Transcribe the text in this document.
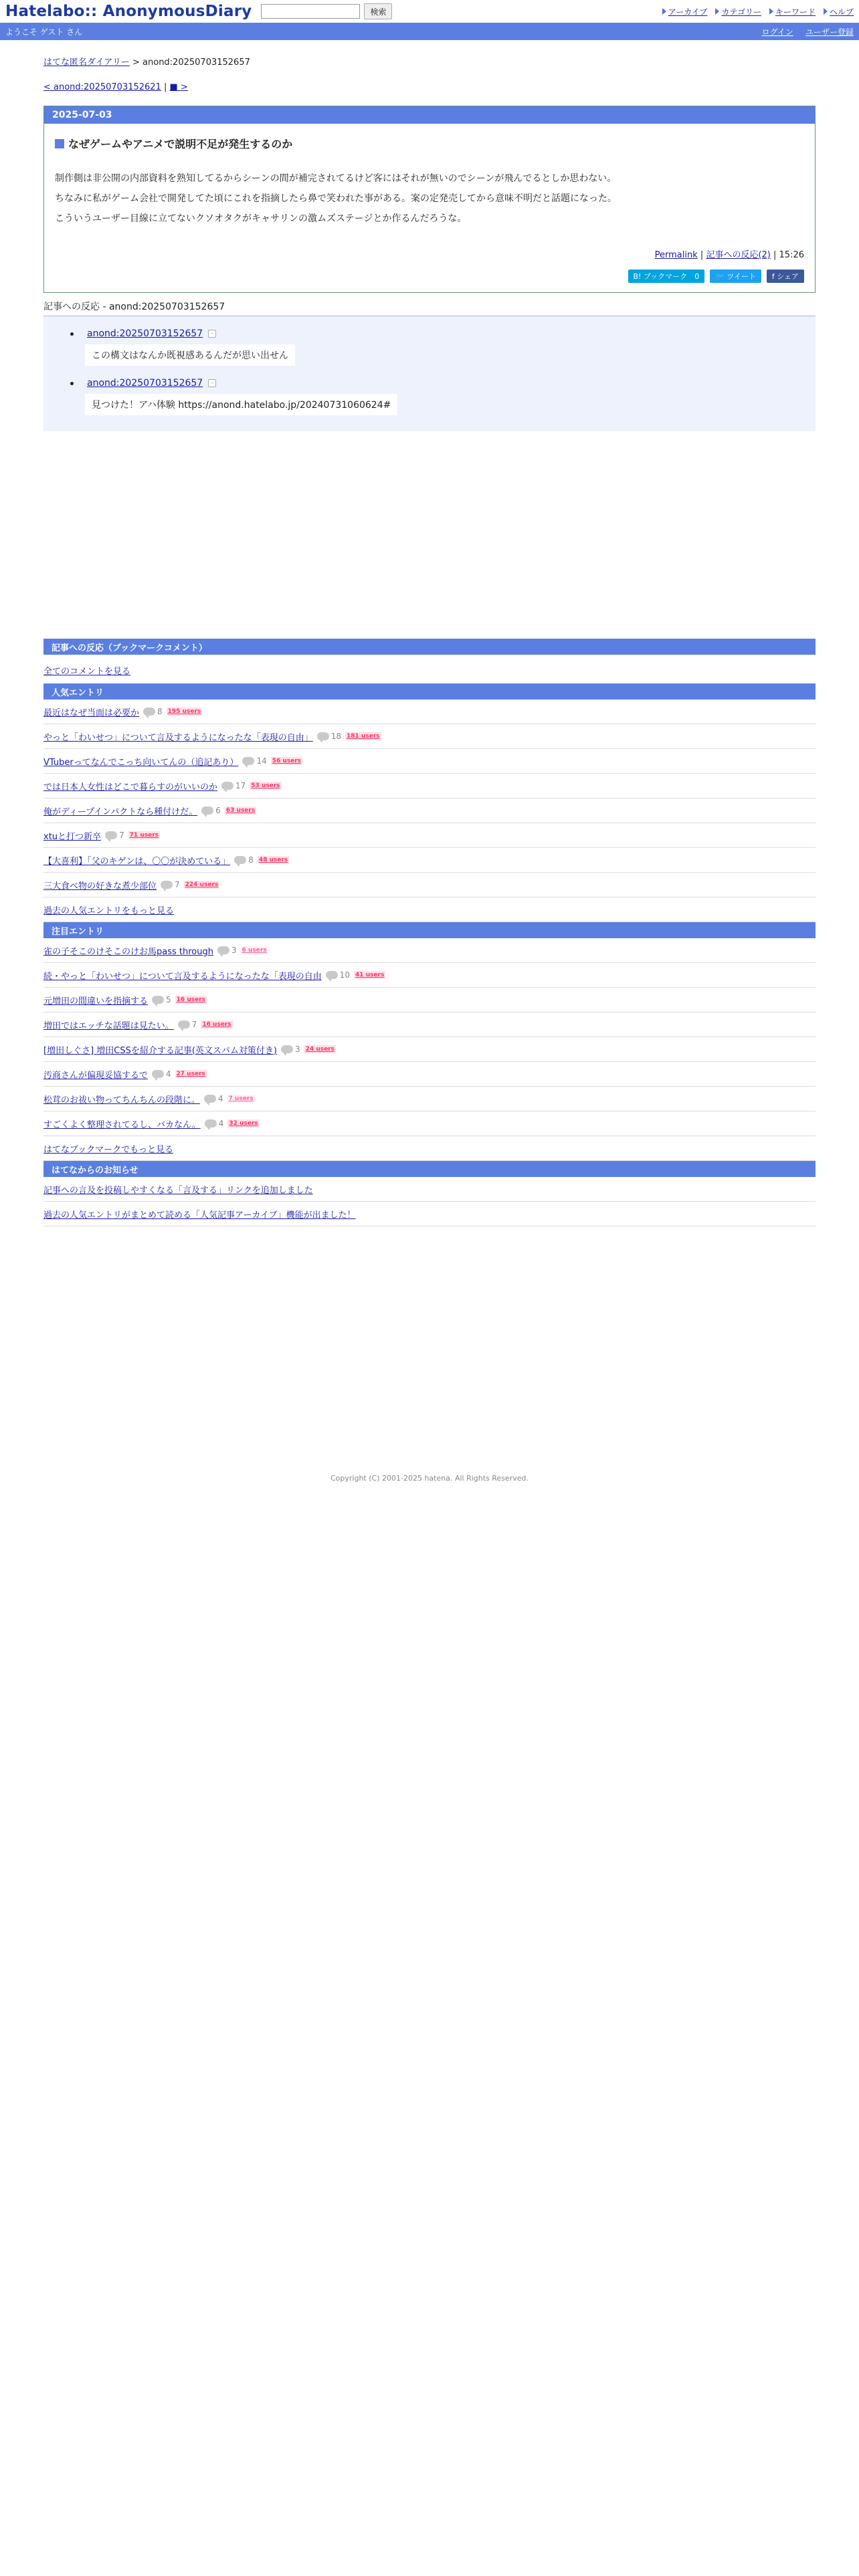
Hatelabo:: AnonymousDiary	検索	アーカイブ カテゴリー キーワード ヘルプ
ようこそ ゲスト さん	ログイン ユーザー登録
はてな匿名ダイアリー > anond:20250703152657
< anond:20250703152621 | ■ >
2025-07-03
なぜゲームやアニメで説明不足が発生するのか
制作側は非公開の内部資料を熟知してるからシーンの間が補完されてるけど客にはそれが無いのでシーンが飛んでるとしか思わない。
ちなみに私がゲーム会社で開発してた頃にこれを指摘したら鼻で笑われた事がある。案の定発売してから意味不明だと話題になった。
こういうユーザー目線に立てないクソオタクがキャサリンの激ムズステージとか作るんだろうな。
Permalink | 記事への反応(2) | 15:26
B! ブックマーク　0	🐦 ツイート f シェア
記事への反応 - anond:20250703152657
anond:20250703152657	-
この構文はなんか既視感あるんだが思い出せん
anond:20250703152657	-
見つけた！アハ体験 https://anond.hatelabo.jp/20240731060624#
記事への反応（ブックマークコメント）
全てのコメントを見る
人気エントリ
最近はなぜ当面は必要か 8 195 users
やっと「わいせつ」について言及するようになったな「表現の自由」 18 181 users
VTuberってなんでこっち向いてんの（追記あり） 14 56 users
では日本人女性はどこで暮らすのがいいのか 17 53 users
俺がディープインパクトなら種付けだ。 6 63 users
xtuと打つ新卒 7 71 users
【大喜利】「父のキゲンは、〇〇が決めている」 8 48 users
三大食べ物の好きな煮少部位 7 224 users
過去の人気エントリをもっと見る
注目エントリ
雀の子そこのけそこのけお馬pass through 3 6 users
続・やっと「わいせつ」について言及するようになったな「表現の自由 10 41 users
元増田の間違いを指摘する 5 16 users
増田ではエッチな話題は見たい。 7 16 users
[増田しぐさ] 増田CSSを紹介する記事(英文スパム対策付き) 3 24 users
汚商さんが偏現妥協するで 4 27 users
松茸のお祓い物ってちんちんの段階に。 4 7 users
すごくよく整理されてるし、バカなん。 4 32 users
はてなブックマークでもっと見る
はてなからのお知らせ
記事への言及を投稿しやすくなる「言及する」リンクを追加しました
過去の人気エントリがまとめて読める「人気記事アーカイブ」機能が出ました！
Copyright (C) 2001-2025 hatena. All Rights Reserved.
